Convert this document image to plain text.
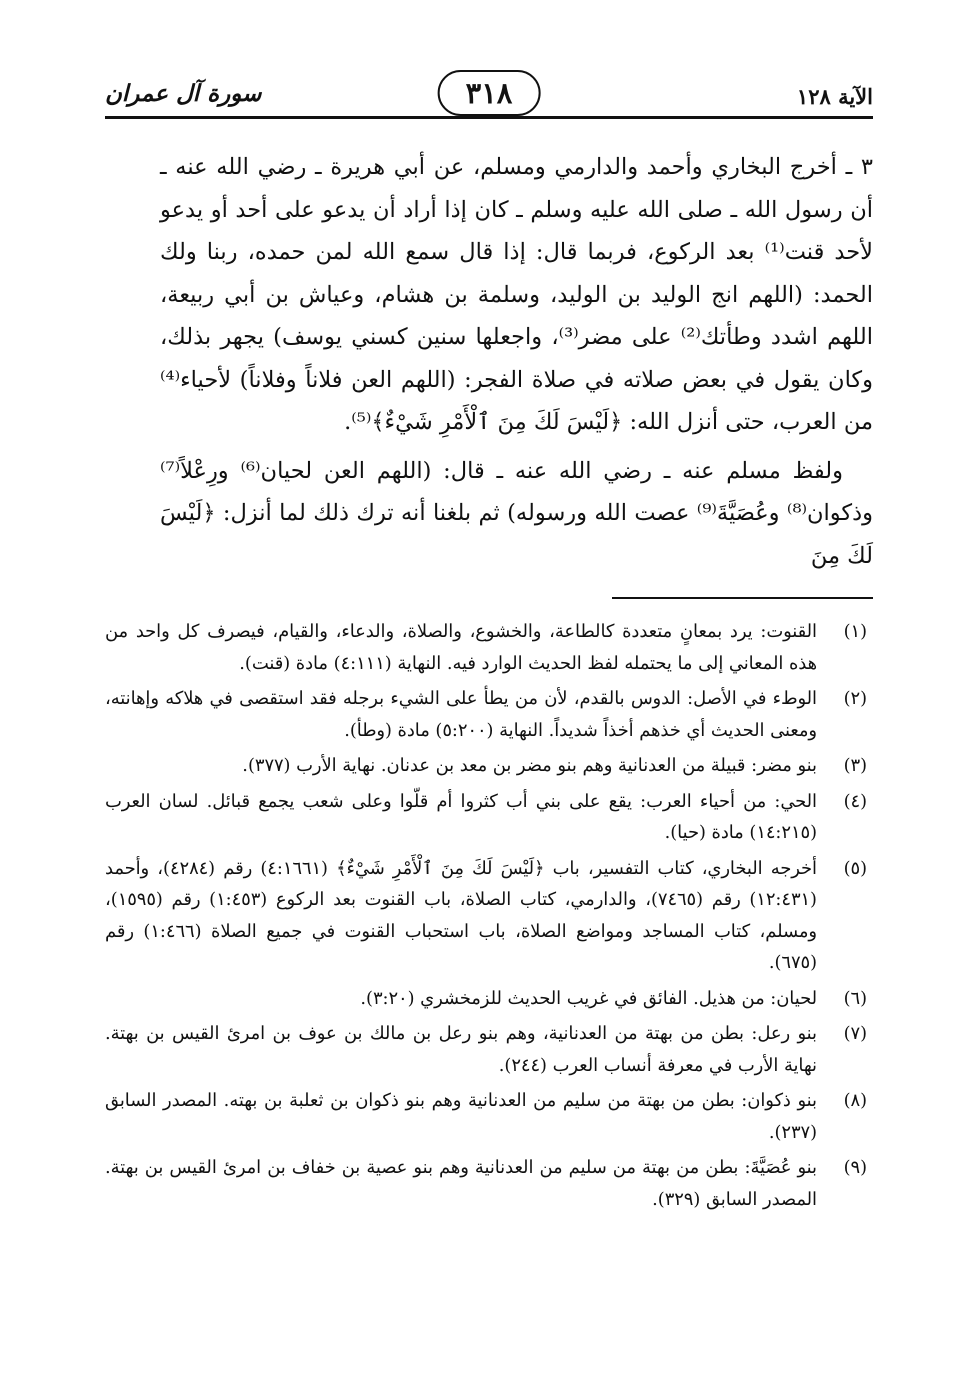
الآية ١٢٨
٣١٨
سورة آل عمران

٣ ـ أخرج البخاري وأحمد والدارمي ومسلم، عن أبي هريرة ـ رضي الله عنه ـ أن رسول الله ـ صلى الله عليه وسلم ـ كان إذا أراد أن يدعو على أحد أو يدعو لأحد قنت⁽¹⁾ بعد الركوع، فربما قال: إذا قال سمع الله لمن حمده، ربنا ولك الحمد: (اللهم انج الوليد بن الوليد، وسلمة بن هشام، وعياش بن أبي ربيعة، اللهم اشدد وطأتك⁽²⁾ على مضر⁽³⁾، واجعلها سنين كسني يوسف) يجهر بذلك، وكان يقول في بعض صلاته في صلاة الفجر: (اللهم العن فلاناً وفلاناً) لأحياء⁽⁴⁾ من العرب، حتى أنزل الله: ﴿لَيْسَ لَكَ مِنَ ٱلْأَمْرِ شَيْءٌ﴾⁽⁵⁾.

ولفظ مسلم عنه ـ رضي الله عنه ـ قال: (اللهم العن لحيان⁽⁶⁾ ورِعْلاً⁽⁷⁾ وذكوان⁽⁸⁾ وعُصَيَّةَ⁽⁹⁾ عصت الله ورسوله) ثم بلغنا أنه ترك ذلك لما أنزل: ﴿لَيْسَ لَكَ مِنَ

(١)
القنوت: يرد بمعانٍ متعددة كالطاعة، والخشوع، والصلاة، والدعاء، والقيام، فيصرف كل واحد من هذه المعاني إلى ما يحتمله لفظ الحديث الوارد فيه. النهاية (٤:١١١) مادة (قنت).
(٢)
الوطء في الأصل: الدوس بالقدم، لأن من يطأ على الشيء برجله فقد استقصى في هلاكه وإهانته، ومعنى الحديث أي خذهم أخذاً شديداً. النهاية (٥:٢٠٠) مادة (وطأ).
(٣)
بنو مضر: قبيلة من العدنانية وهم بنو مضر بن معد بن عدنان. نهاية الأرب (٣٧٧).
(٤)
الحي: من أحياء العرب: يقع على بني أب كثروا أم قلّوا وعلى شعب يجمع قبائل. لسان العرب (١٤:٢١٥) مادة (حيا).
(٥)
أخرجه البخاري، كتاب التفسير، باب ﴿لَيْسَ لَكَ مِنَ ٱلْأَمْرِ شَيْءٌ﴾ (٤:١٦٦١) رقم (٤٢٨٤)، وأحمد (١٢:٤٣١) رقم (٧٤٦٥)، والدارمي، كتاب الصلاة، باب القنوت بعد الركوع (١:٤٥٣) رقم (١٥٩٥)، ومسلم، كتاب المساجد ومواضع الصلاة، باب استحباب القنوت في جميع الصلاة (١:٤٦٦) رقم (٦٧٥).
(٦)
لحيان: من هذيل. الفائق في غريب الحديث للزمخشري (٣:٢٠).
(٧)
بنو رعل: بطن من بهتة من العدنانية، وهم بنو رعل بن مالك بن عوف بن امرئ القيس بن بهتة. نهاية الأرب في معرفة أنساب العرب (٢٤٤).
(٨)
بنو ذكوان: بطن من بهتة من سليم من العدنانية وهم بنو ذكوان بن ثعلبة بن بهته. المصدر السابق (٢٣٧).
(٩)
بنو عُصَيَّةَ: بطن من بهتة من سليم من العدنانية وهم بنو عصية بن خفاف بن امرئ القيس بن بهتة. المصدر السابق (٣٢٩).
